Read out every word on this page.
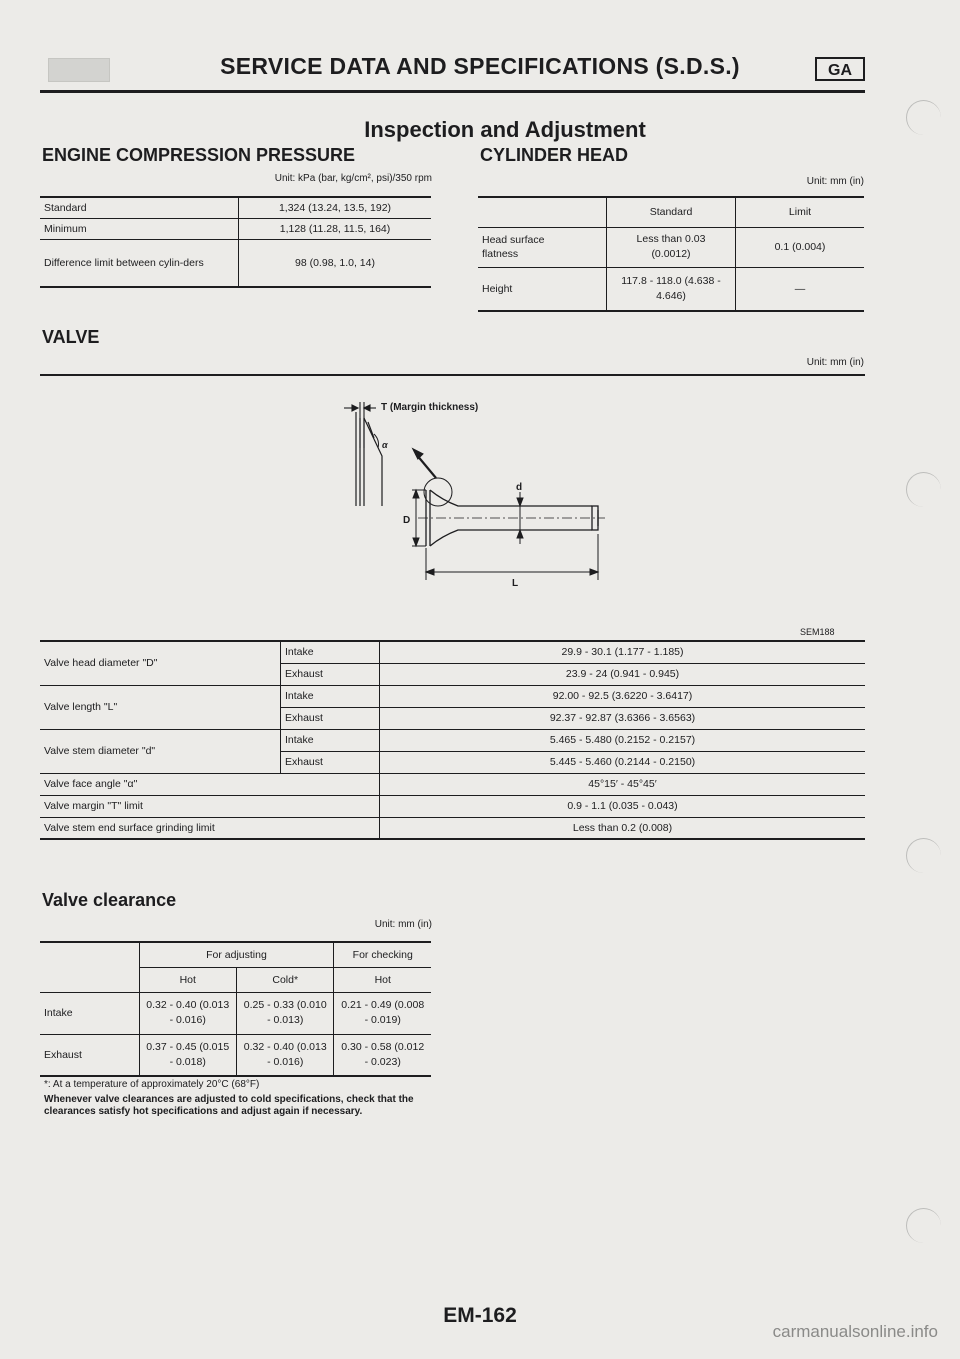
SERVICE DATA AND SPECIFICATIONS (S.D.S.)	GA
Inspection and Adjustment
ENGINE COMPRESSION PRESSURE
Unit: kPa (bar, kg/cm², psi)/350 rpm
Standard	1,324 (13.24, 13.5, 192)
Minimum	1,128 (11.28, 11.5, 164)
Difference limit between cylin-ders	98 (0.98, 1.0, 14)
CYLINDER HEAD
Unit: mm (in)
	Standard	Limit
Head surface flatness	Less than 0.03 (0.0012)	0.1 (0.004)
Height	117.8 - 118.0 (4.638 - 4.646)	—
VALVE
Unit: mm (in)
T (Margin thickness)
α
d
D
L
SEM188
Valve head diameter "D"	Intake	29.9 - 30.1 (1.177 - 1.185)
	Exhaust	23.9 - 24 (0.941 - 0.945)
Valve length "L"	Intake	92.00 - 92.5 (3.6220 - 3.6417)
	Exhaust	92.37 - 92.87 (3.6366 - 3.6563)
Valve stem diameter "d"	Intake	5.465 - 5.480 (0.2152 - 0.2157)
	Exhaust	5.445 - 5.460 (0.2144 - 0.2150)
Valve face angle "α"		45°15′ - 45°45′
Valve margin "T" limit		0.9 - 1.1 (0.035 - 0.043)
Valve stem end surface grinding limit		Less than 0.2 (0.008)
Valve clearance
Unit: mm (in)
	For adjusting		For checking
	Hot	Cold*	Hot
Intake	0.32 - 0.40 (0.013 - 0.016)	0.25 - 0.33 (0.010 - 0.013)	0.21 - 0.49 (0.008 - 0.019)
Exhaust	0.37 - 0.45 (0.015 - 0.018)	0.32 - 0.40 (0.013 - 0.016)	0.30 - 0.58 (0.012 - 0.023)
*: At a temperature of approximately 20°C (68°F)
Whenever valve clearances are adjusted to cold specifications, check that the clearances satisfy hot specifications and adjust again if necessary.
EM-162
carmanualsonline.info
